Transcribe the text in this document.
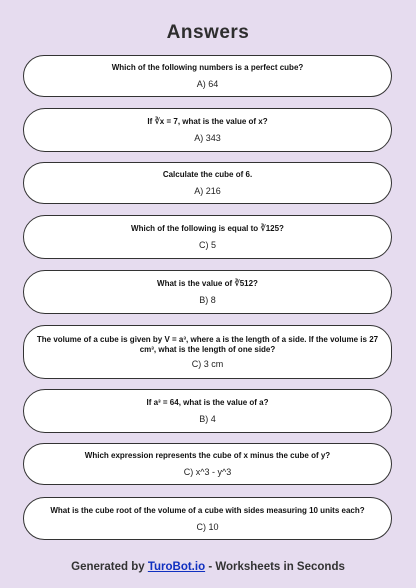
Answers
Which of the following numbers is a perfect cube?
A) 64
If ∛x = 7, what is the value of x?
A) 343
Calculate the cube of 6.
A) 216
Which of the following is equal to ∛125?
C) 5
What is the value of ∛512?
B) 8
The volume of a cube is given by V = a³, where a is the length of a side. If the volume is 27 cm³, what is the length of one side?
C) 3 cm
If a³ = 64, what is the value of a?
B) 4
Which expression represents the cube of x minus the cube of y?
C) x^3 - y^3
What is the cube root of the volume of a cube with sides measuring 10 units each?
C) 10
Generated by TuroBot.io - Worksheets in Seconds
